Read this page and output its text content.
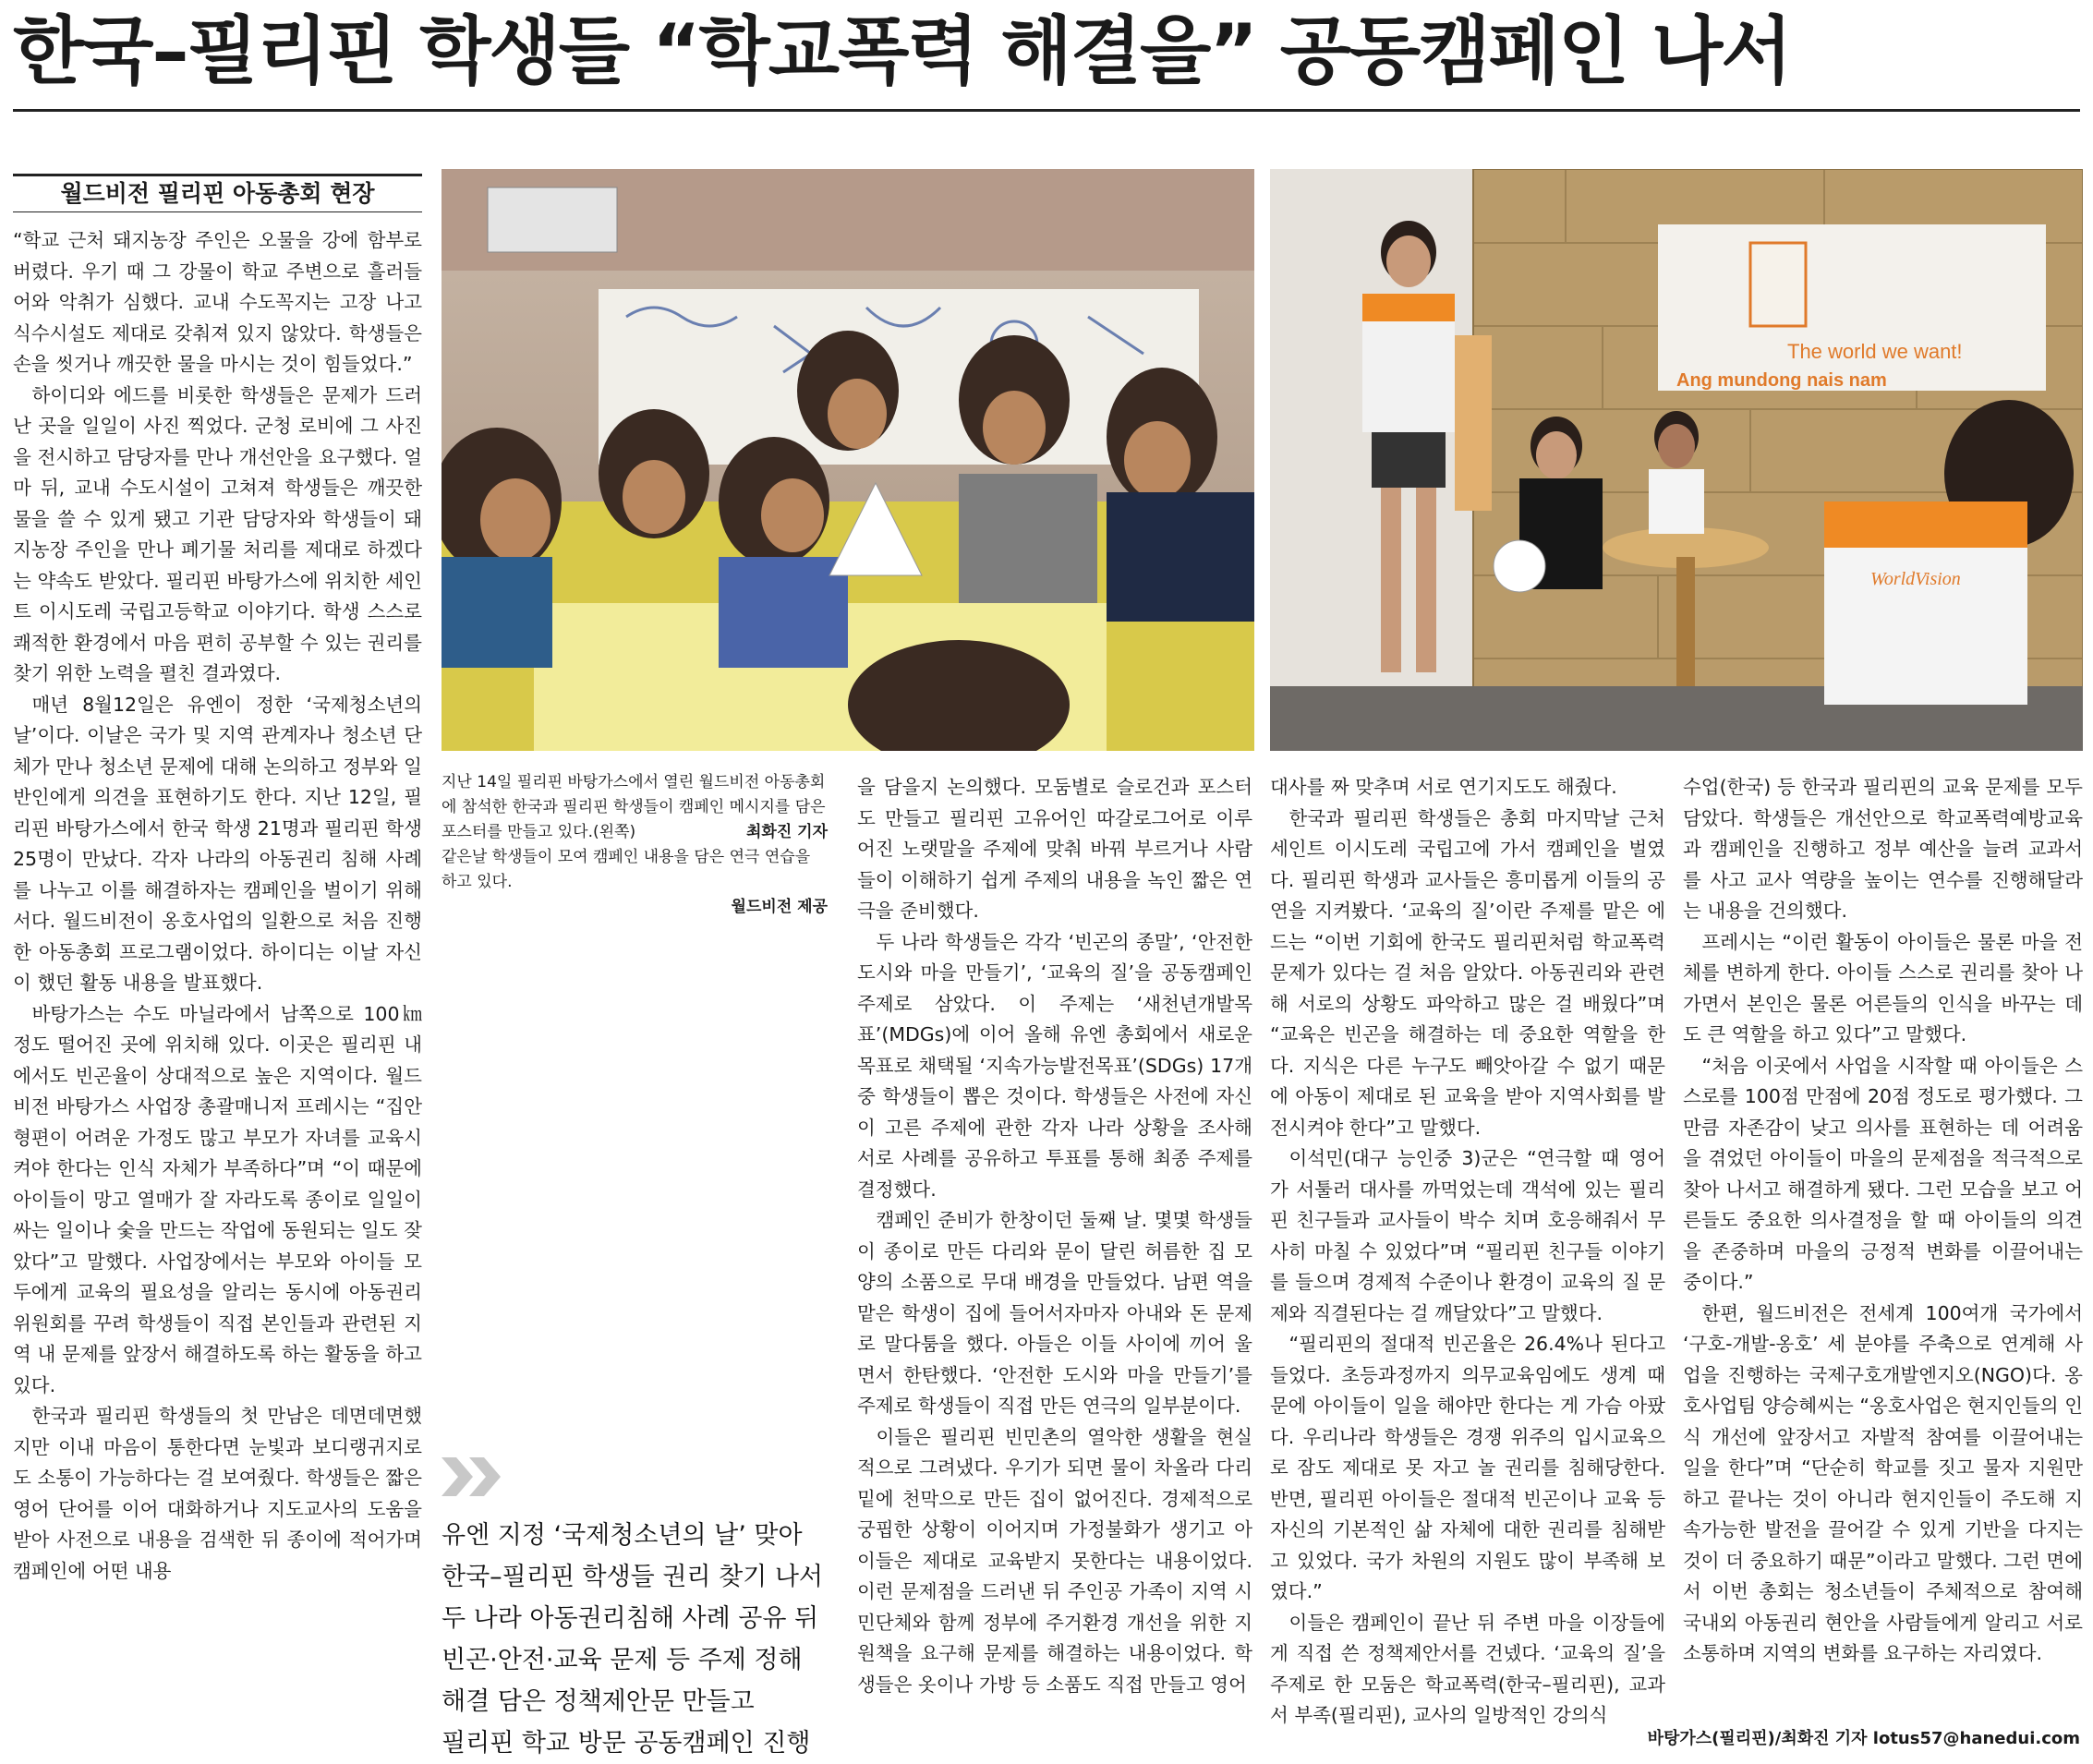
한국–필리핀 학생들 “학교폭력 해결을” 공동캠페인 나서
월드비전 필리핀 아동총회 현장

“학교 근처 돼지농장 주인은 오물을 강에 함부로 버렸다. 우기 때 그 강물이 학교 주변으로 흘러들어와 악취가 심했다. 교내 수도꼭지는 고장 나고 식수시설도 제대로 갖춰져 있지 않았다. 학생들은 손을 씻거나 깨끗한 물을 마시는 것이 힘들었다.”

하이디와 에드를 비롯한 학생들은 문제가 드러난 곳을 일일이 사진 찍었다. 군청 로비에 그 사진을 전시하고 담당자를 만나 개선안을 요구했다. 얼마 뒤, 교내 수도시설이 고쳐져 학생들은 깨끗한 물을 쓸 수 있게 됐고 기관 담당자와 학생들이 돼지농장 주인을 만나 폐기물 처리를 제대로 하겠다는 약속도 받았다. 필리핀 바탕가스에 위치한 세인트 이시도레 국립고등학교 이야기다. 학생 스스로 쾌적한 환경에서 마음 편히 공부할 수 있는 권리를 찾기 위한 노력을 펼친 결과였다.

매년 8월12일은 유엔이 정한 ‘국제청소년의 날’이다. 이날은 국가 및 지역 관계자나 청소년 단체가 만나 청소년 문제에 대해 논의하고 정부와 일반인에게 의견을 표현하기도 한다. 지난 12일, 필리핀 바탕가스에서 한국 학생 21명과 필리핀 학생 25명이 만났다. 각자 나라의 아동권리 침해 사례를 나누고 이를 해결하자는 캠페인을 벌이기 위해서다. 월드비전이 옹호사업의 일환으로 처음 진행한 아동총회 프로그램이었다. 하이디는 이날 자신이 했던 활동 내용을 발표했다.

바탕가스는 수도 마닐라에서 남쪽으로 100㎞ 정도 떨어진 곳에 위치해 있다. 이곳은 필리핀 내에서도 빈곤율이 상대적으로 높은 지역이다. 월드비전 바탕가스 사업장 총괄매니저 프레시는 “집안형편이 어려운 가정도 많고 부모가 자녀를 교육시켜야 한다는 인식 자체가 부족하다”며 “이 때문에 아이들이 망고 열매가 잘 자라도록 종이로 일일이 싸는 일이나 숯을 만드는 작업에 동원되는 일도 잦았다”고 말했다. 사업장에서는 부모와 아이들 모두에게 교육의 필요성을 알리는 동시에 아동권리위원회를 꾸려 학생들이 직접 본인들과 관련된 지역 내 문제를 앞장서 해결하도록 하는 활동을 하고 있다.

한국과 필리핀 학생들의 첫 만남은 데면데면했지만 이내 마음이 통한다면 눈빛과 보디랭귀지로도 소통이 가능하다는 걸 보여줬다. 학생들은 짧은 영어 단어를 이어 대화하거나 지도교사의 도움을 받아 사전으로 내용을 검색한 뒤 종이에 적어가며 캠페인에 어떤 내용

The world we want!
Ang mundong nais nam
WorldVision
지난 14일 필리핀 바탕가스에서 열린 월드비전 아동총회에 참석한 한국과 필리핀 학생들이 캠페인 메시지를 담은 포스터를 만들고 있다.(왼쪽)	최화진 기자
같은날 학생들이 모여 캠페인 내용을 담은 연극 연습을 하고 있다.
월드비전 제공
유엔 지정 ‘국제청소년의 날’ 맞아
한국–필리핀 학생들 권리 찾기 나서
두 나라 아동권리침해 사례 공유 뒤
빈곤·안전·교육 문제 등 주제 정해
해결 담은 정책제안문 만들고
필리핀 학교 방문 공동캠페인 진행

을 담을지 논의했다. 모둠별로 슬로건과 포스터도 만들고 필리핀 고유어인 따갈로그어로 이루어진 노랫말을 주제에 맞춰 바꿔 부르거나 사람들이 이해하기 쉽게 주제의 내용을 녹인 짧은 연극을 준비했다.

두 나라 학생들은 각각 ‘빈곤의 종말’, ‘안전한 도시와 마을 만들기’, ‘교육의 질’을 공동캠페인 주제로 삼았다. 이 주제는 ‘새천년개발목표’(MDGs)에 이어 올해 유엔 총회에서 새로운 목표로 채택될 ‘지속가능발전목표’(SDGs) 17개 중 학생들이 뽑은 것이다. 학생들은 사전에 자신이 고른 주제에 관한 각자 나라 상황을 조사해 서로 사례를 공유하고 투표를 통해 최종 주제를 결정했다.

캠페인 준비가 한창이던 둘째 날. 몇몇 학생들이 종이로 만든 다리와 문이 달린 허름한 집 모양의 소품으로 무대 배경을 만들었다. 남편 역을 맡은 학생이 집에 들어서자마자 아내와 돈 문제로 말다툼을 했다. 아들은 이들 사이에 끼어 울면서 한탄했다. ‘안전한 도시와 마을 만들기’를 주제로 학생들이 직접 만든 연극의 일부분이다.

이들은 필리핀 빈민촌의 열악한 생활을 현실적으로 그려냈다. 우기가 되면 물이 차올라 다리 밑에 천막으로 만든 집이 없어진다. 경제적으로 궁핍한 상황이 이어지며 가정불화가 생기고 아이들은 제대로 교육받지 못한다는 내용이었다. 이런 문제점을 드러낸 뒤 주인공 가족이 지역 시민단체와 함께 정부에 주거환경 개선을 위한 지원책을 요구해 문제를 해결하는 내용이었다. 학생들은 옷이나 가방 등 소품도 직접 만들고 영어

대사를 짜 맞추며 서로 연기지도도 해줬다.

한국과 필리핀 학생들은 총회 마지막날 근처 세인트 이시도레 국립고에 가서 캠페인을 벌였다. 필리핀 학생과 교사들은 흥미롭게 이들의 공연을 지켜봤다. ‘교육의 질’이란 주제를 맡은 에드는 “이번 기회에 한국도 필리핀처럼 학교폭력 문제가 있다는 걸 처음 알았다. 아동권리와 관련해 서로의 상황도 파악하고 많은 걸 배웠다”며 “교육은 빈곤을 해결하는 데 중요한 역할을 한다. 지식은 다른 누구도 빼앗아갈 수 없기 때문에 아동이 제대로 된 교육을 받아 지역사회를 발전시켜야 한다”고 말했다.

이석민(대구 능인중 3)군은 “연극할 때 영어가 서툴러 대사를 까먹었는데 객석에 있는 필리핀 친구들과 교사들이 박수 치며 호응해줘서 무사히 마칠 수 있었다”며 “필리핀 친구들 이야기를 들으며 경제적 수준이나 환경이 교육의 질 문제와 직결된다는 걸 깨달았다”고 말했다.

“필리핀의 절대적 빈곤율은 26.4%나 된다고 들었다. 초등과정까지 의무교육임에도 생계 때문에 아이들이 일을 해야만 한다는 게 가슴 아팠다. 우리나라 학생들은 경쟁 위주의 입시교육으로 잠도 제대로 못 자고 놀 권리를 침해당한다. 반면, 필리핀 아이들은 절대적 빈곤이나 교육 등 자신의 기본적인 삶 자체에 대한 권리를 침해받고 있었다. 국가 차원의 지원도 많이 부족해 보였다.”

이들은 캠페인이 끝난 뒤 주변 마을 이장들에게 직접 쓴 정책제안서를 건넸다. ‘교육의 질’을 주제로 한 모둠은 학교폭력(한국–필리핀), 교과서 부족(필리핀), 교사의 일방적인 강의식

수업(한국) 등 한국과 필리핀의 교육 문제를 모두 담았다. 학생들은 개선안으로 학교폭력예방교육과 캠페인을 진행하고 정부 예산을 늘려 교과서를 사고 교사 역량을 높이는 연수를 진행해달라는 내용을 건의했다.

프레시는 “이런 활동이 아이들은 물론 마을 전체를 변하게 한다. 아이들 스스로 권리를 찾아 나가면서 본인은 물론 어른들의 인식을 바꾸는 데도 큰 역할을 하고 있다”고 말했다.

“처음 이곳에서 사업을 시작할 때 아이들은 스스로를 100점 만점에 20점 정도로 평가했다. 그만큼 자존감이 낮고 의사를 표현하는 데 어려움을 겪었던 아이들이 마을의 문제점을 적극적으로 찾아 나서고 해결하게 됐다. 그런 모습을 보고 어른들도 중요한 의사결정을 할 때 아이들의 의견을 존중하며 마을의 긍정적 변화를 이끌어내는 중이다.”

한편, 월드비전은 전세계 100여개 국가에서 ‘구호-개발-옹호’ 세 분야를 주축으로 연계해 사업을 진행하는 국제구호개발엔지오(NGO)다. 옹호사업팀 양승혜씨는 “옹호사업은 현지인들의 인식 개선에 앞장서고 자발적 참여를 이끌어내는 일을 한다”며 “단순히 학교를 짓고 물자 지원만 하고 끝나는 것이 아니라 현지인들이 주도해 지속가능한 발전을 끌어갈 수 있게 기반을 다지는 것이 더 중요하기 때문”이라고 말했다. 그런 면에서 이번 총회는 청소년들이 주체적으로 참여해 국내외 아동권리 현안을 사람들에게 알리고 서로 소통하며 지역의 변화를 요구하는 자리였다.

바탕가스(필리핀)/최화진 기자 lotus57@hanedui.com
